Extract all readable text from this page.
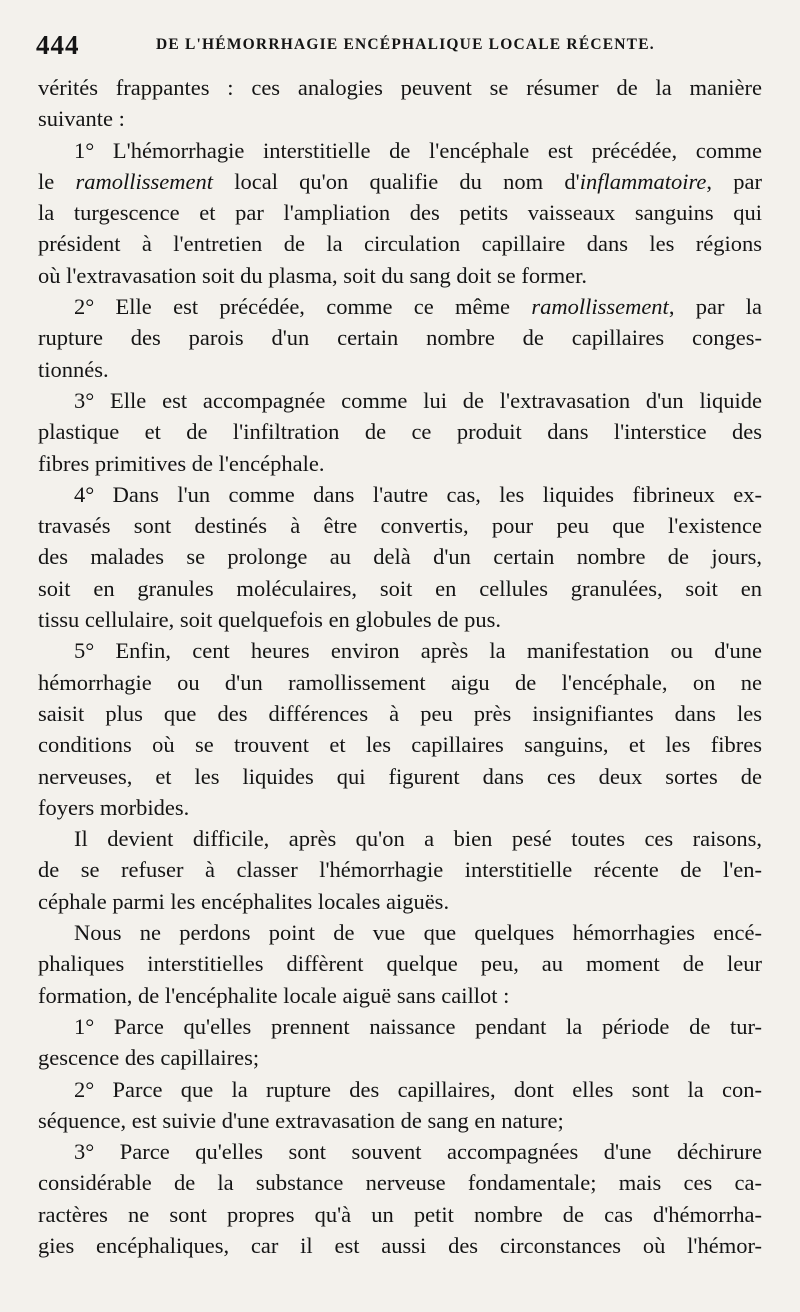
444	DE L'HÉMORRHAGIE ENCÉPHALIQUE LOCALE RÉCENTE.
vérités frappantes : ces analogies peuvent se résumer de la manière
suivante :
1° L'hémorrhagie interstitielle de l'encéphale est précédée, comme
le ramollissement local qu'on qualifie du nom d'inflammatoire, par
la turgescence et par l'ampliation des petits vaisseaux sanguins qui
président à l'entretien de la circulation capillaire dans les régions
où l'extravasation soit du plasma, soit du sang doit se former.
2° Elle est précédée, comme ce même ramollissement, par la
rupture des parois d'un certain nombre de capillaires conges-
tionnés.
3° Elle est accompagnée comme lui de l'extravasation d'un liquide
plastique et de l'infiltration de ce produit dans l'interstice des
fibres primitives de l'encéphale.
4° Dans l'un comme dans l'autre cas, les liquides fibrineux ex-
travasés sont destinés à être convertis, pour peu que l'existence
des malades se prolonge au delà d'un certain nombre de jours,
soit en granules moléculaires, soit en cellules granulées, soit en
tissu cellulaire, soit quelquefois en globules de pus.
5° Enfin, cent heures environ après la manifestation ou d'une
hémorrhagie ou d'un ramollissement aigu de l'encéphale, on ne
saisit plus que des différences à peu près insignifiantes dans les
conditions où se trouvent et les capillaires sanguins, et les fibres
nerveuses, et les liquides qui figurent dans ces deux sortes de
foyers morbides.
Il devient difficile, après qu'on a bien pesé toutes ces raisons,
de se refuser à classer l'hémorrhagie interstitielle récente de l'en-
céphale parmi les encéphalites locales aiguës.
Nous ne perdons point de vue que quelques hémorrhagies encé-
phaliques interstitielles diffèrent quelque peu, au moment de leur
formation, de l'encéphalite locale aiguë sans caillot :
1° Parce qu'elles prennent naissance pendant la période de tur-
gescence des capillaires;
2° Parce que la rupture des capillaires, dont elles sont la con-
séquence, est suivie d'une extravasation de sang en nature;
3° Parce qu'elles sont souvent accompagnées d'une déchirure
considérable de la substance nerveuse fondamentale; mais ces ca-
ractères ne sont propres qu'à un petit nombre de cas d'hémorrha-
gies encéphaliques, car il est aussi des circonstances où l'hémor-
